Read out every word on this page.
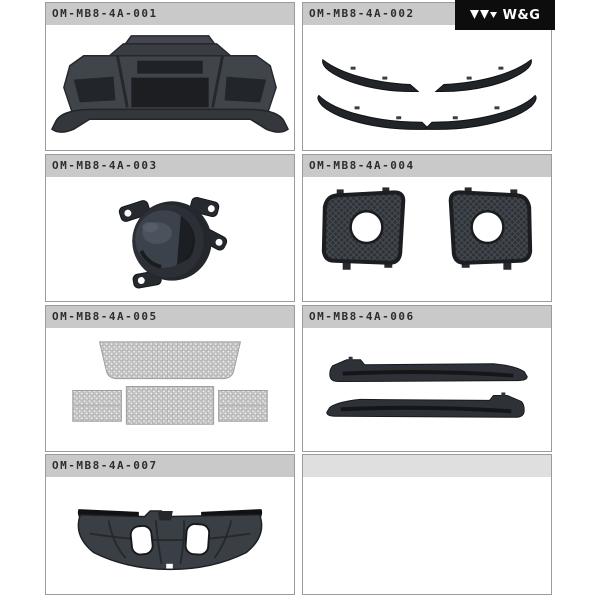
OM-MB8-4A-001	OM-MB8-4A-002
OM-MB8-4A-003	OM-MB8-4A-004
OM-MB8-4A-005	OM-MB8-4A-006
OM-MB8-4A-007
W&G
